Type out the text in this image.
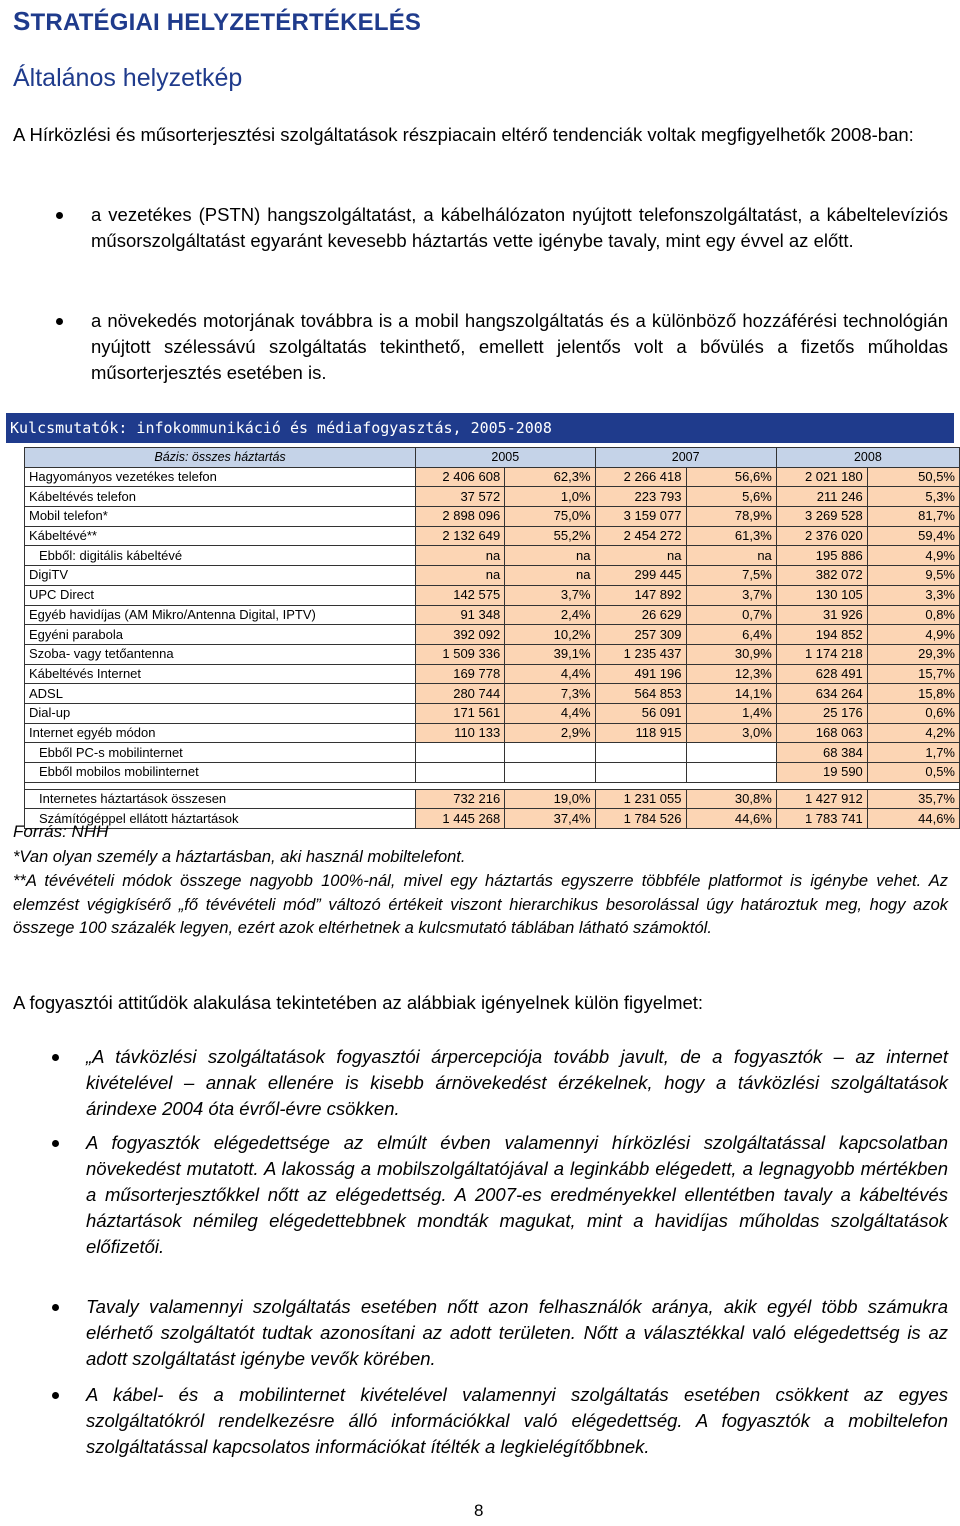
STRATÉGIAI HELYZETÉRTÉKELÉS
Általános helyzetkép
A Hírközlési és műsorterjesztési szolgáltatások részpiacain eltérő tendenciák voltak megfigyelhetők 2008-ban:
a vezetékes (PSTN) hangszolgáltatást, a kábelhálózaton nyújtott telefonszolgáltatást, a kábeltelevíziós műsorszolgáltatást egyaránt kevesebb háztartás vette igénybe tavaly, mint egy évvel az előtt.
a növekedés motorjának továbbra is a mobil hangszolgáltatás és a különböző hozzáférési technológián nyújtott szélessávú szolgáltatás tekinthető, emellett jelentős volt a bővülés a fizetős műholdas műsorterjesztés esetében is.
Kulcsmutatók: infokommunikáció és médiafogyasztás, 2005-2008
Bázis: összes háztartás	2005		2007		2008	
Hagyományos vezetékes telefon	2 406 608	62,3%	2 266 418	56,6%	2 021 180	50,5%
Kábeltévés telefon	37 572	1,0%	223 793	5,6%	211 246	5,3%
Mobil telefon*	2 898 096	75,0%	3 159 077	78,9%	3 269 528	81,7%
Kábeltévé**	2 132 649	55,2%	2 454 272	61,3%	2 376 020	59,4%
Ebből: digitális kábeltévé	na	na	na	na	195 886	4,9%
DigiTV	na	na	299 445	7,5%	382 072	9,5%
UPC Direct	142 575	3,7%	147 892	3,7%	130 105	3,3%
Egyéb havidíjas (AM Mikro/Antenna Digital, IPTV)	91 348	2,4%	26 629	0,7%	31 926	0,8%
Egyéni parabola	392 092	10,2%	257 309	6,4%	194 852	4,9%
Szoba- vagy tetőantenna	1 509 336	39,1%	1 235 437	30,9%	1 174 218	29,3%
Kábeltévés Internet	169 778	4,4%	491 196	12,3%	628 491	15,7%
ADSL	280 744	7,3%	564 853	14,1%	634 264	15,8%
Dial-up	171 561	4,4%	56 091	1,4%	25 176	0,6%
Internet egyéb módon	110 133	2,9%	118 915	3,0%	168 063	4,2%
Ebből PC-s mobilinternet					68 384	1,7%
Ebből mobilos mobilinternet					19 590	0,5%

Internetes háztartások összesen	732 216	19,0%	1 231 055	30,8%	1 427 912	35,7%
Számítógéppel ellátott háztartások	1 445 268	37,4%	1 784 526	44,6%	1 783 741	44,6%
Forrás: NHH
*Van olyan személy a háztartásban, aki használ mobiltelefont.
**A tévévételi módok összege nagyobb 100%-nál, mivel egy háztartás egyszerre többféle platformot is igénybe vehet. Az elemzést végigkísérő „fő tévévételi mód” változó értékeit viszont hierarchikus besorolással úgy határoztuk meg, hogy azok összege 100 százalék legyen, ezért azok eltérhetnek a kulcsmutató táblában látható számoktól.
A fogyasztói attitűdök alakulása tekintetében az alábbiak igényelnek külön figyelmet:
„A távközlési szolgáltatások fogyasztói árpercepciója tovább javult, de a fogyasztók – az internet kivételével – annak ellenére is kisebb árnövekedést érzékelnek, hogy a távközlési szolgáltatások árindexe 2004 óta évről-évre csökken.
A fogyasztók elégedettsége az elmúlt évben valamennyi hírközlési szolgáltatással kapcsolatban növekedést mutatott. A lakosság a mobilszolgáltatójával a leginkább elégedett, a legnagyobb mértékben a műsorterjesztőkkel nőtt az elégedettség. A 2007-es eredményekkel ellentétben tavaly a kábeltévés háztartások némileg elégedettebbnek mondták magukat, mint a havidíjas műholdas szolgáltatások előfizetői.
Tavaly valamennyi szolgáltatás esetében nőtt azon felhasználók aránya, akik egyél több számukra elérhető szolgáltatót tudtak azonosítani az adott területen. Nőtt a választékkal való elégedettség is az adott szolgáltatást igénybe vevők körében.
A kábel- és a mobilinternet kivételével valamennyi szolgáltatás esetében csökkent az egyes szolgáltatókról rendelkezésre álló információkkal való elégedettség. A fogyasztók a mobiltelefon szolgáltatással kapcsolatos információkat ítélték a legkielégítőbbnek.
8
